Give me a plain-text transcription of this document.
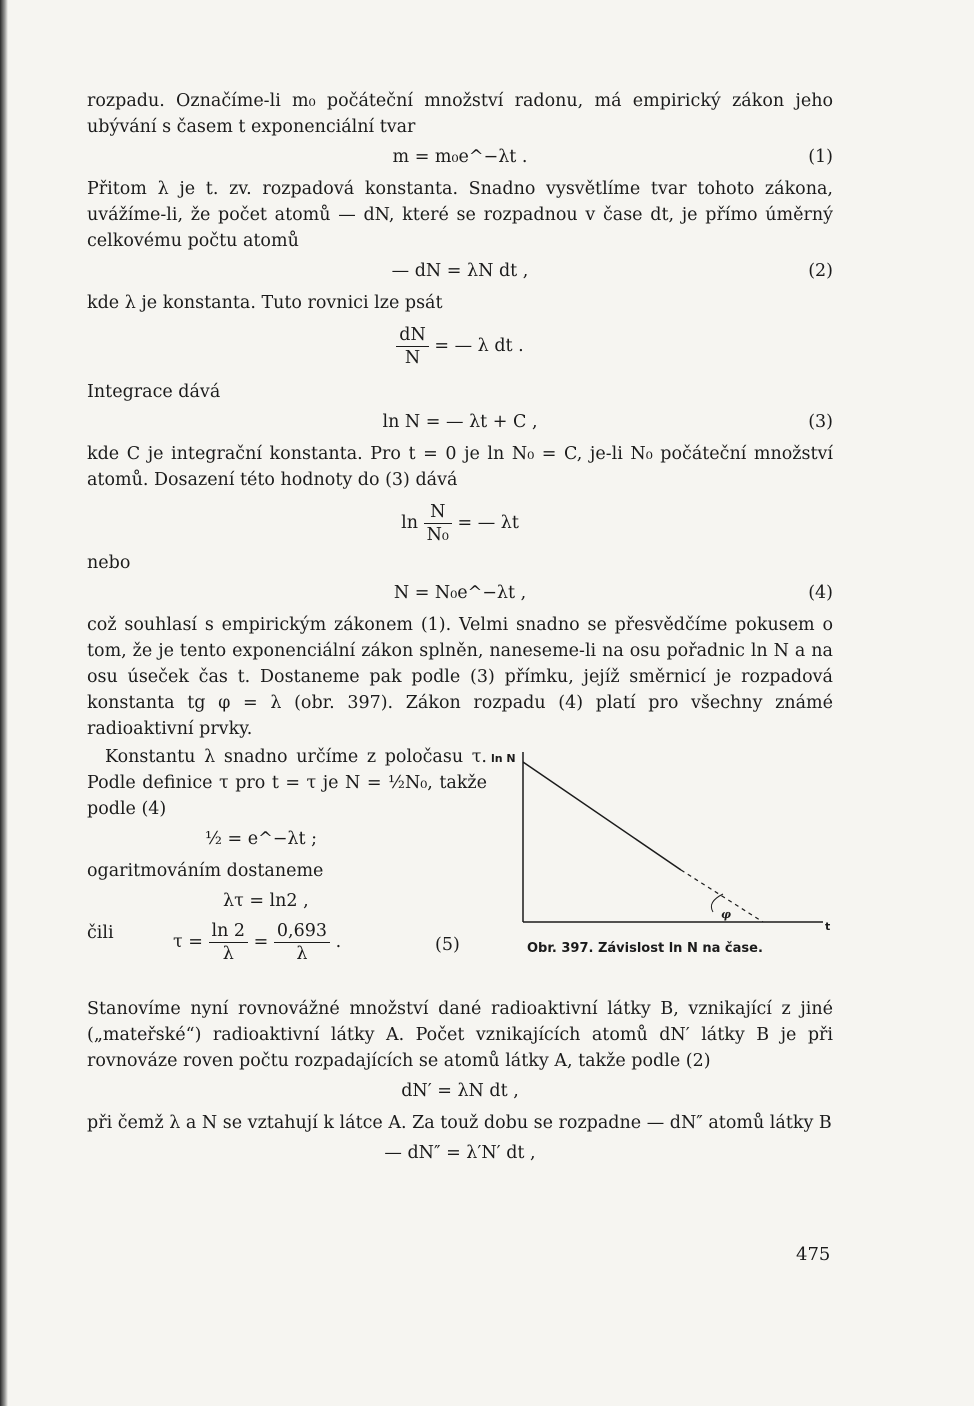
rozpadu. Označíme-li m₀ počáteční množství radonu, má empirický zákon jeho ubývání s časem t exponenciální tvar

m = m₀e^−λt .	(1)

Přitom λ je t. zv. rozpadová konstanta. Snadno vysvětlíme tvar tohoto zákona, uvážíme-li, že počet atomů — dN, které se rozpadnou v čase dt, je přímo úměrný celkovému počtu atomů

— dN = λN dt ,	(2)

kde λ je konstanta. Tuto rovnici lze psát

$\frac{dN}{N}$ = — λ dt .

Integrace dává

ln N = — λt + C ,	(3)

kde C je integrační konstanta. Pro t = 0 je ln N₀ = C, je-li N₀ počáteční množství atomů. Dosazení této hodnoty do (3) dává

$\ln \frac{N}{\text{N₀}}$ = — λt

nebo

N = N₀e^−λt ,	(4)

což souhlasí s empirickým zákonem (1). Velmi snadno se přesvědčíme pokusem o tom, že je tento exponenciální zákon splněn, naneseme-li na osu pořadnic ln N a na osu úseček čas t. Dostaneme pak podle (3) přímku, jejíž směrnicí je rozpadová konstanta tg φ = λ (obr. 397). Zákon rozpadu (4) platí pro všechny známé radioaktivní prvky.

Konstantu λ snadno určíme z poločasu τ. Podle definice τ pro t = τ je N = ½N₀, takže podle (4)

½ = e^−λt ;

ogaritmováním dostaneme

λτ = ln2 ,
čili	$\tau = \frac{\ln 2}{\lambda} = \frac{0,693}{\lambda}$ .	(5)
ln N
t
φ
Obr. 397. Závislost ln N na čase.

Stanovíme nyní rovnovážné množství dané radioaktivní látky B, vznikající z jiné („mateřské“) radioaktivní látky A. Počet vznikajících atomů dN′ látky B je při rovnováze roven počtu rozpadajících se atomů látky A, takže podle (2)

dN′ = λN dt ,

při čemž λ a N se vztahují k látce A. Za touž dobu se rozpadne — dN″ atomů látky B

— dN″ = λ′N′ dt ,
475
